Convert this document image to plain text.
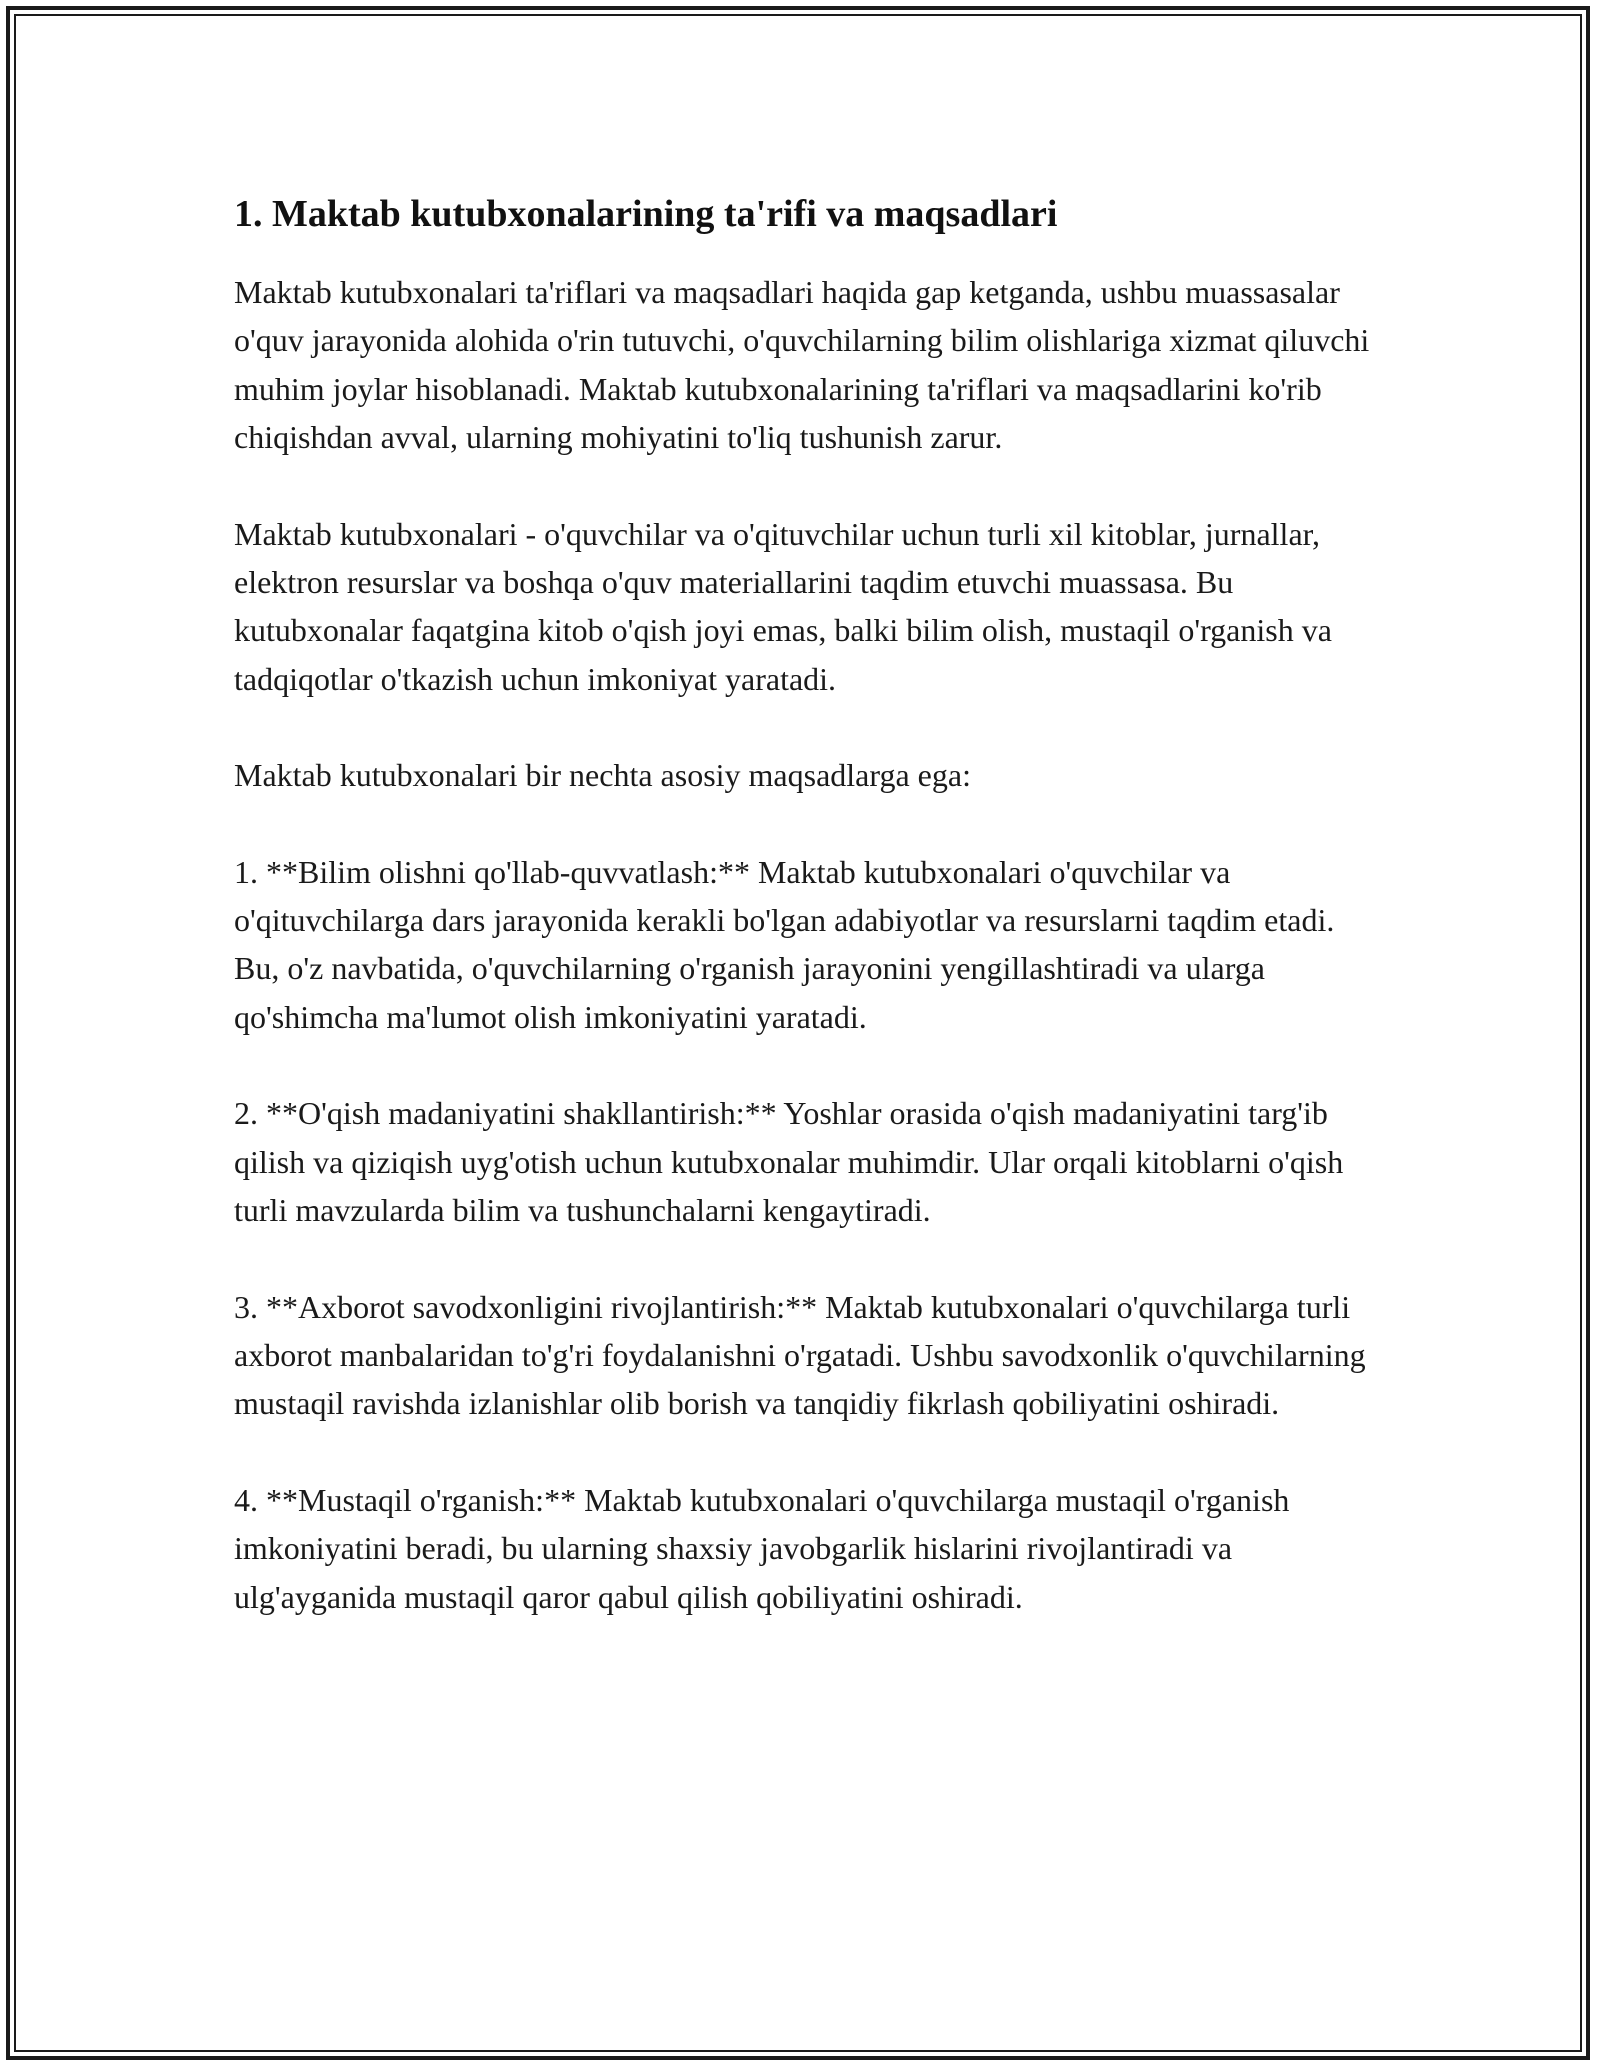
1. Maktab kutubxonalarining ta'rifi va maqsadlari

Maktab kutubxonalari ta'riflari va maqsadlari haqida gap ketganda, ushbu muassasalar o'quv jarayonida alohida o'rin tutuvchi, o'quvchilarning bilim olishlariga xizmat qiluvchi muhim joylar hisoblanadi. Maktab kutubxonalarining ta'riflari va maqsadlarini ko'rib chiqishdan avval, ularning mohiyatini to'liq tushunish zarur.

Maktab kutubxonalari - o'quvchilar va o'qituvchilar uchun turli xil kitoblar, jurnallar, elektron resurslar va boshqa o'quv materiallarini taqdim etuvchi muassasa. Bu kutubxonalar faqatgina kitob o'qish joyi emas, balki bilim olish, mustaqil o'rganish va tadqiqotlar o'tkazish uchun imkoniyat yaratadi.

Maktab kutubxonalari bir nechta asosiy maqsadlarga ega:

1. **Bilim olishni qo'llab-quvvatlash:** Maktab kutubxonalari o'quvchilar va o'qituvchilarga dars jarayonida kerakli bo'lgan adabiyotlar va resurslarni taqdim etadi. Bu, o'z navbatida, o'quvchilarning o'rganish jarayonini yengillashtiradi va ularga qo'shimcha ma'lumot olish imkoniyatini yaratadi.

2. **O'qish madaniyatini shakllantirish:** Yoshlar orasida o'qish madaniyatini targ'ib qilish va qiziqish uyg'otish uchun kutubxonalar muhimdir. Ular orqali kitoblarni o'qish turli mavzularda bilim va tushunchalarni kengaytiradi.

3. **Axborot savodxonligini rivojlantirish:** Maktab kutubxonalari o'quvchilarga turli axborot manbalaridan to'g'ri foydalanishni o'rgatadi. Ushbu savodxonlik o'quvchilarning mustaqil ravishda izlanishlar olib borish va tanqidiy fikrlash qobiliyatini oshiradi.

4. **Mustaqil o'rganish:** Maktab kutubxonalari o'quvchilarga mustaqil o'rganish imkoniyatini beradi, bu ularning shaxsiy javobgarlik hislarini rivojlantiradi va ulg'ayganida mustaqil qaror qabul qilish qobiliyatini oshiradi.
